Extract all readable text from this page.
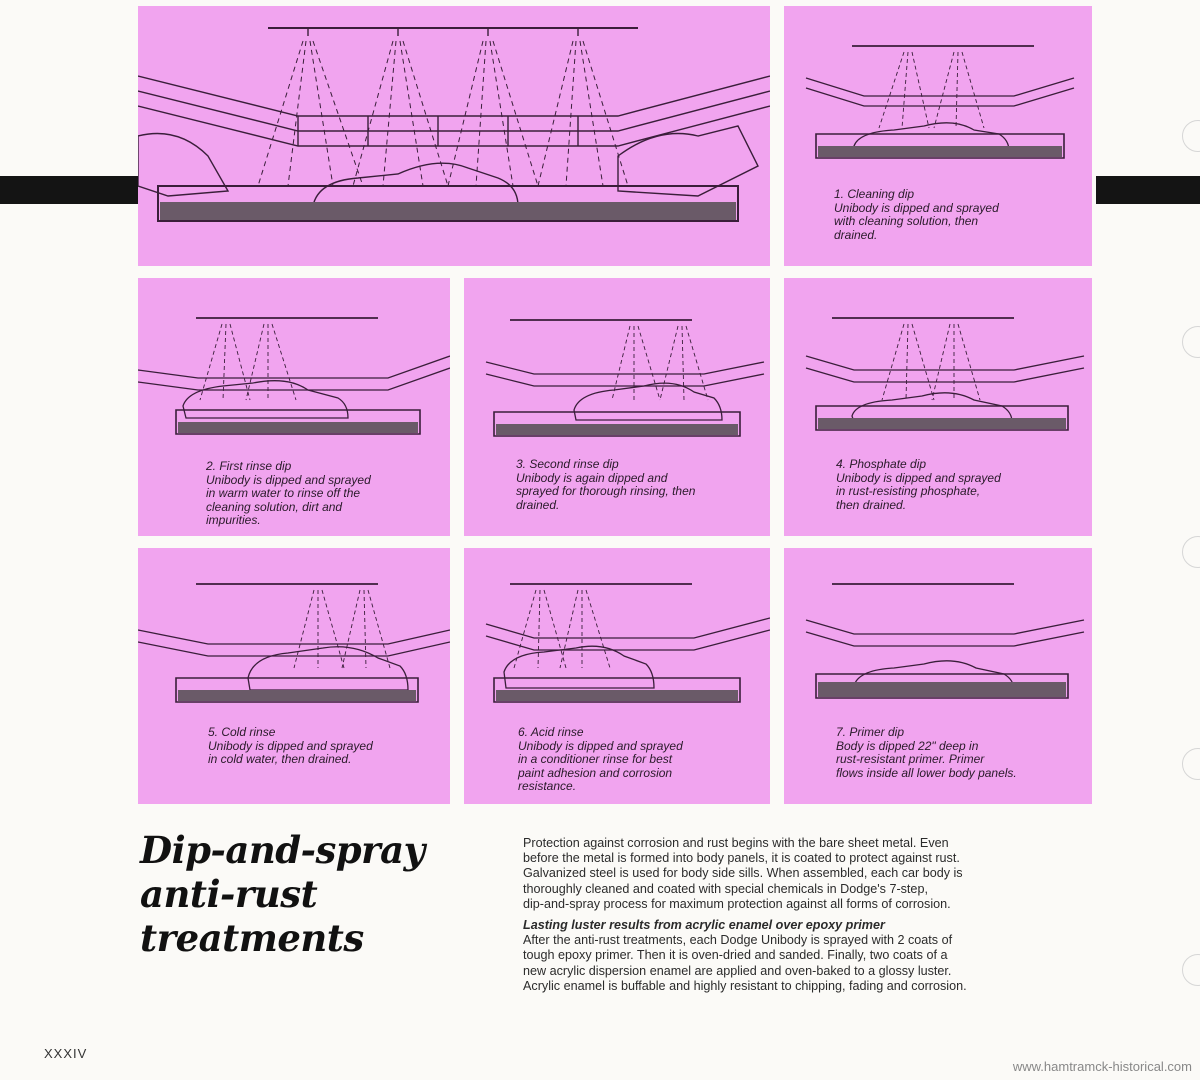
1. Cleaning dip
Unibody is dipped and sprayed
with cleaning solution, then
drained.
2. First rinse dip
Unibody is dipped and sprayed
in warm water to rinse off the
cleaning solution, dirt and
impurities.
3. Second rinse dip
Unibody is again dipped and
sprayed for thorough rinsing, then
drained.
4. Phosphate dip
Unibody is dipped and sprayed
in rust-resisting phosphate,
then drained.
5. Cold rinse
Unibody is dipped and sprayed
in cold water, then drained.
6. Acid rinse
Unibody is dipped and sprayed
in a conditioner rinse for best
paint adhesion and corrosion
resistance.
7. Primer dip
Body is dipped 22" deep in
rust-resistant primer. Primer
flows inside all lower body panels.
Dip-and-spray
anti-rust
treatments
Protection against corrosion and rust begins with the bare sheet metal. Even
before the metal is formed into body panels, it is coated to protect against rust.
Galvanized steel is used for body side sills. When assembled, each car body is
thoroughly cleaned and coated with special chemicals in Dodge's 7-step,
dip-and-spray process for maximum protection against all forms of corrosion.
Lasting luster results from acrylic enamel over epoxy primer
After the anti-rust treatments, each Dodge Unibody is sprayed with 2 coats of
tough epoxy primer. Then it is oven-dried and sanded. Finally, two coats of a
new acrylic dispersion enamel are applied and oven-baked to a glossy luster.
Acrylic enamel is buffable and highly resistant to chipping, fading and corrosion.
XXXIV
www.hamtramck-historical.com
